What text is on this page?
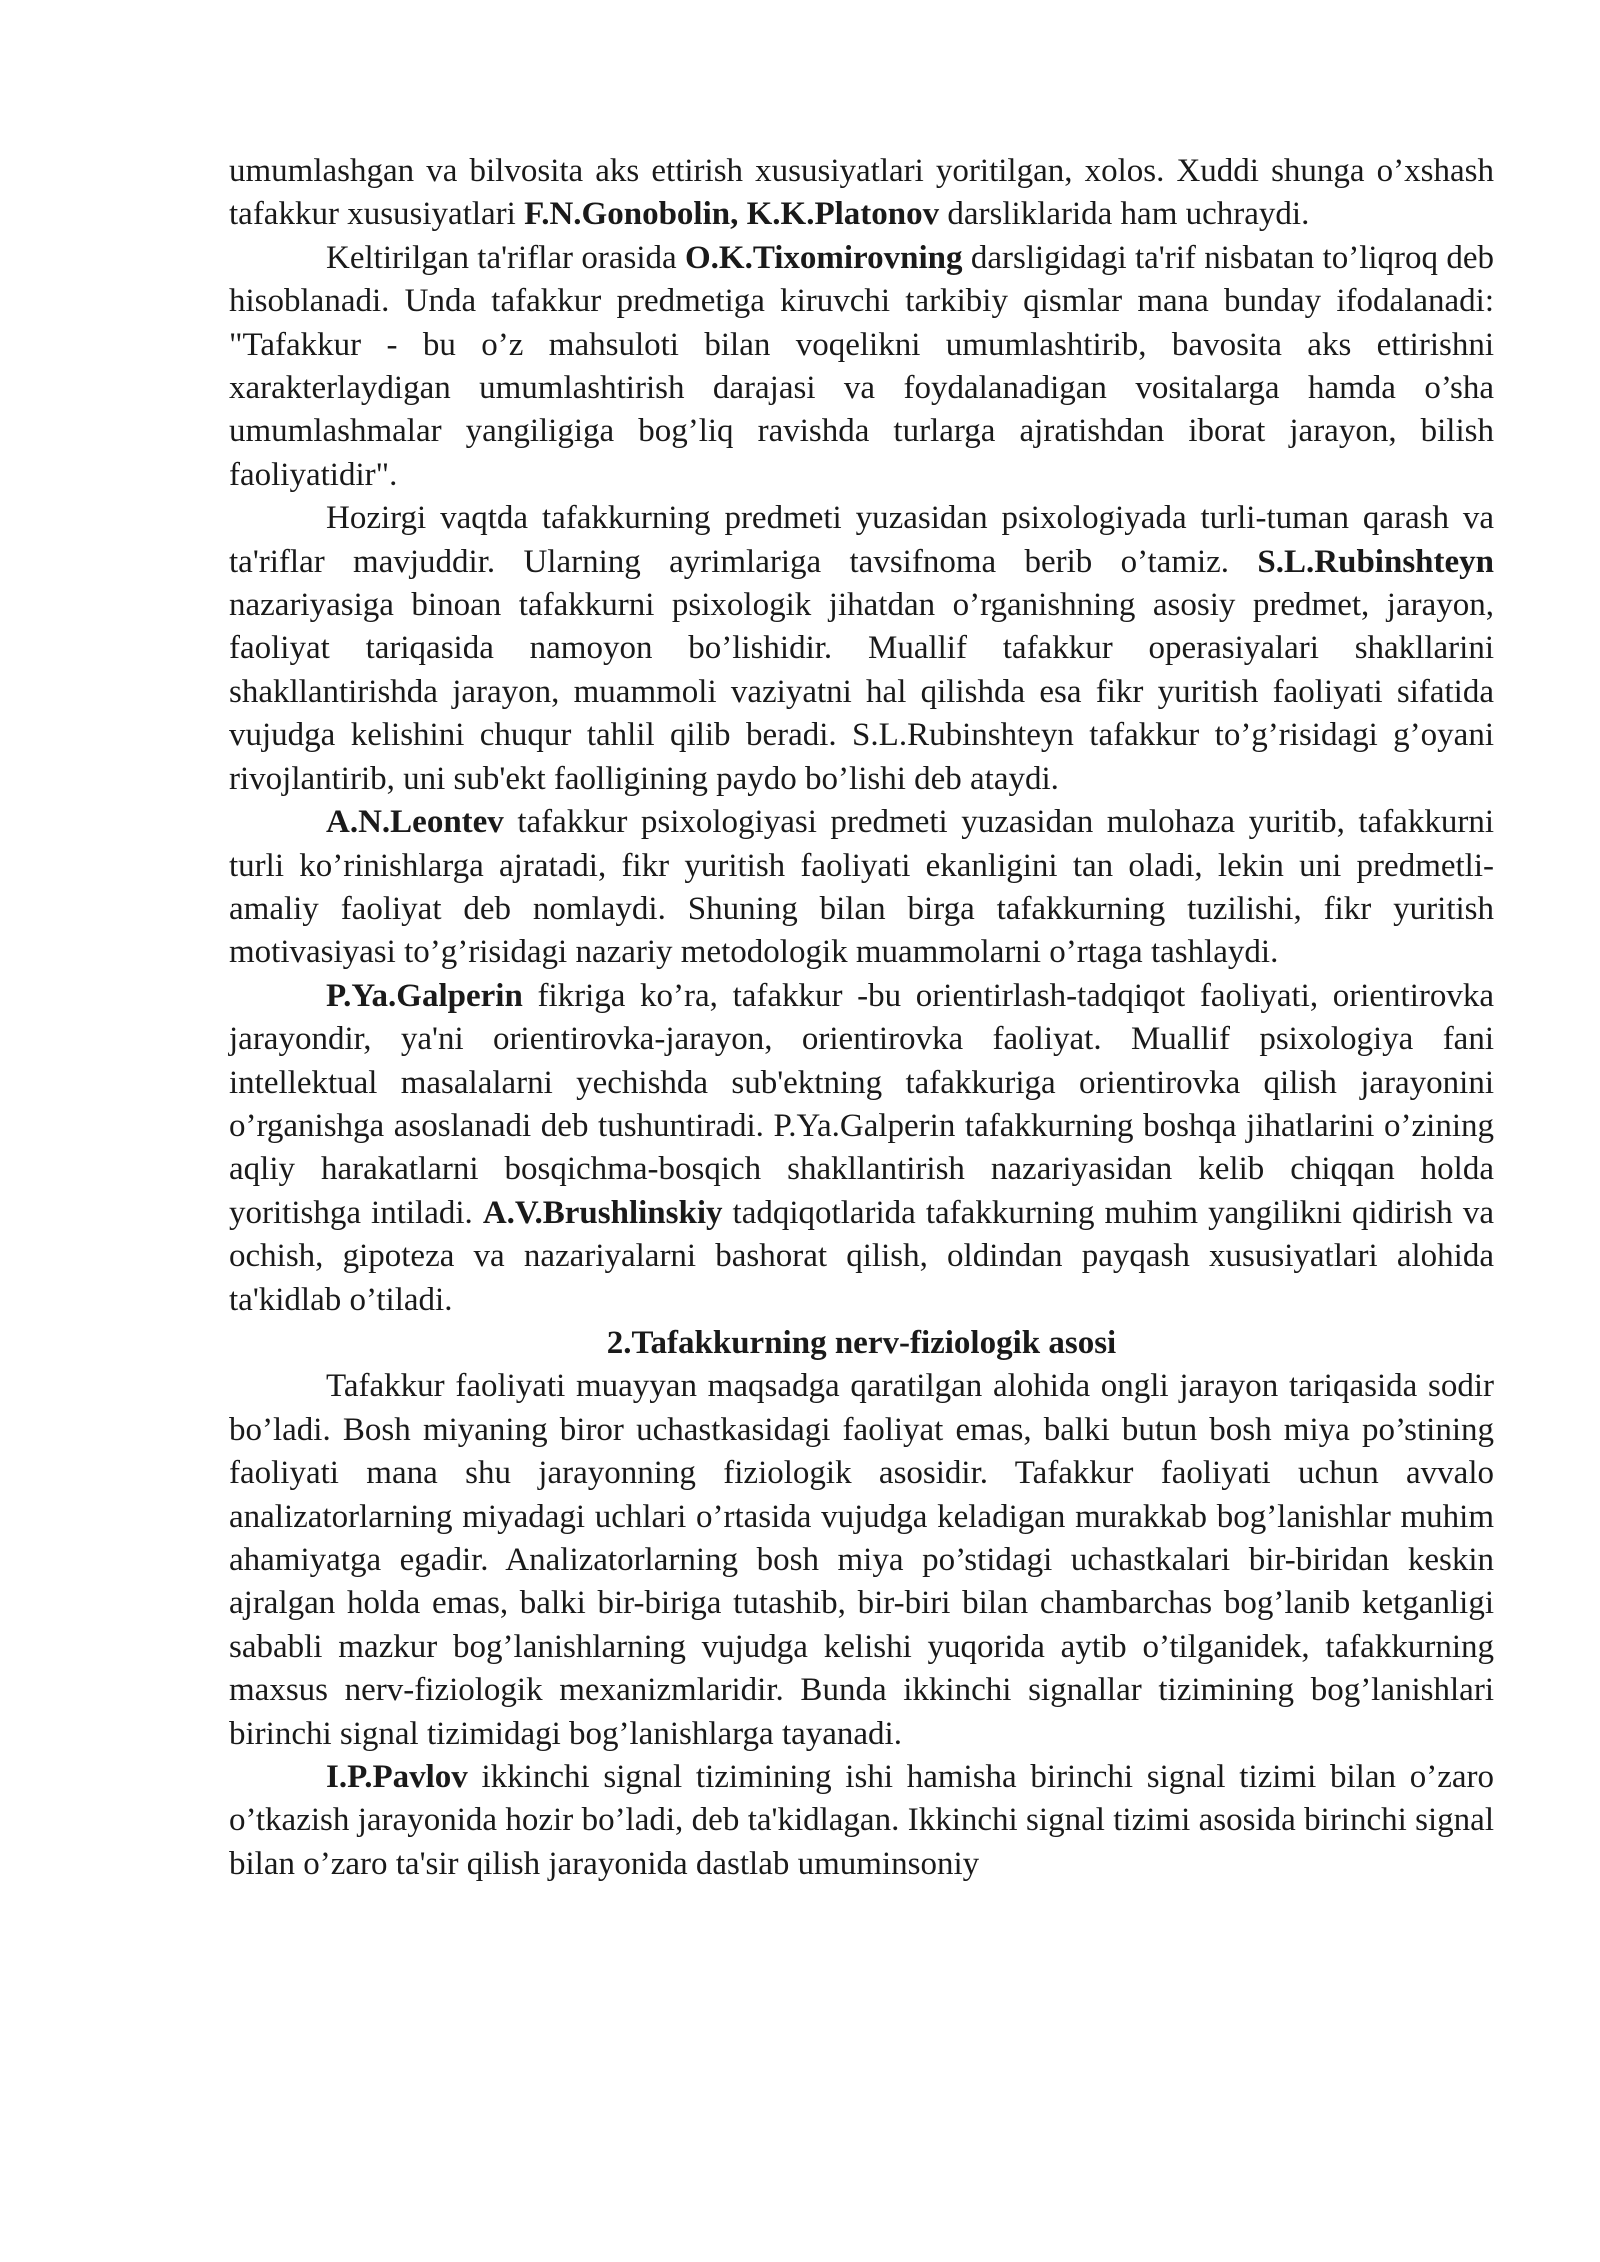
umumlashgan va bilvosita aks ettirish xususiyatlari yoritilgan, xolos. Xuddi shunga o’xshash tafakkur xususiyatlari F.N.Gonobolin, K.K.Platonov darsliklarida ham uchraydi.

Keltirilgan ta'riflar orasida O.K.Tixomirovning darsligidagi ta'rif nisbatan to’liqroq deb hisoblanadi. Unda tafakkur predmetiga kiruvchi tarkibiy qismlar mana bunday ifodalanadi: "Tafakkur - bu o’z mahsuloti bilan voqelikni umumlashtirib, bavosita aks ettirishni xarakterlaydigan umumlashtirish darajasi va foydalanadigan vositalarga hamda o’sha umumlashmalar yangiligiga bog’liq ravishda turlarga ajratishdan iborat jarayon, bilish faoliyatidir".

Hozirgi vaqtda tafakkurning predmeti yuzasidan psixologiyada turli-tuman qarash va ta'riflar mavjuddir. Ularning ayrimlariga tavsifnoma berib o’tamiz. S.L.Rubinshteyn nazariyasiga binoan tafakkurni psixologik jihatdan o’rganishning asosiy predmet, jarayon, faoliyat tariqasida namoyon bo’lishidir. Muallif tafakkur operasiyalari shakllarini shakllantirishda jarayon, muammoli vaziyatni hal qilishda esa fikr yuritish faoliyati sifatida vujudga kelishini chuqur tahlil qilib beradi. S.L.Rubinshteyn tafakkur to’g’risidagi g’oyani rivojlantirib, uni sub'ekt faolligining paydo bo’lishi deb ataydi.

A.N.Leontev tafakkur psixologiyasi predmeti yuzasidan mulohaza yuritib, tafakkurni turli ko’rinishlarga ajratadi, fikr yuritish faoliyati ekanligini tan oladi, lekin uni predmetli-amaliy faoliyat deb nomlaydi. Shuning bilan birga tafakkurning tuzilishi, fikr yuritish motivasiyasi to’g’risidagi nazariy metodologik muammolarni o’rtaga tashlaydi.

P.Ya.Galperin fikriga ko’ra, tafakkur -bu orientirlash-tadqiqot faoliyati, orientirovka jarayondir, ya'ni orientirovka-jarayon, orientirovka faoliyat. Muallif psixologiya fani intellektual masalalarni yechishda sub'ektning tafakkuriga orientirovka qilish jarayonini o’rganishga asoslanadi deb tushuntiradi. P.Ya.Galperin tafakkurning boshqa jihatlarini o’zining aqliy harakatlarni bosqichma-bosqich shakllantirish nazariyasidan kelib chiqqan holda yoritishga intiladi. A.V.Brushlinskiy tadqiqotlarida tafakkurning muhim yangilikni qidirish va ochish, gipoteza va nazariyalarni bashorat qilish, oldindan payqash xususiyatlari alohida ta'kidlab o’tiladi.

2.Tafakkurning nerv-fiziologik asosi

Tafakkur faoliyati muayyan maqsadga qaratilgan alohida ongli jarayon tariqasida sodir bo’ladi. Bosh miyaning biror uchastkasidagi faoliyat emas, balki butun bosh miya po’stining faoliyati mana shu jarayonning fiziologik asosidir. Tafakkur faoliyati uchun avvalo analizatorlarning miyadagi uchlari o’rtasida vujudga keladigan murakkab bog’lanishlar muhim ahamiyatga egadir. Analizatorlarning bosh miya po’stidagi uchastkalari bir-biridan keskin ajralgan holda emas, balki bir-biriga tutashib, bir-biri bilan chambarchas bog’lanib ketganligi sababli mazkur bog’lanishlarning vujudga kelishi yuqorida aytib o’tilganidek, tafakkurning maxsus nerv-fiziologik mexanizmlaridir. Bunda ikkinchi signallar tizimining bog’lanishlari birinchi signal tizimidagi bog’lanishlarga tayanadi.

I.P.Pavlov ikkinchi signal tizimining ishi hamisha birinchi signal tizimi bilan o’zaro o’tkazish jarayonida hozir bo’ladi, deb ta'kidlagan. Ikkinchi signal tizimi asosida birinchi signal bilan o’zaro ta'sir qilish jarayonida dastlab umuminsoniy
